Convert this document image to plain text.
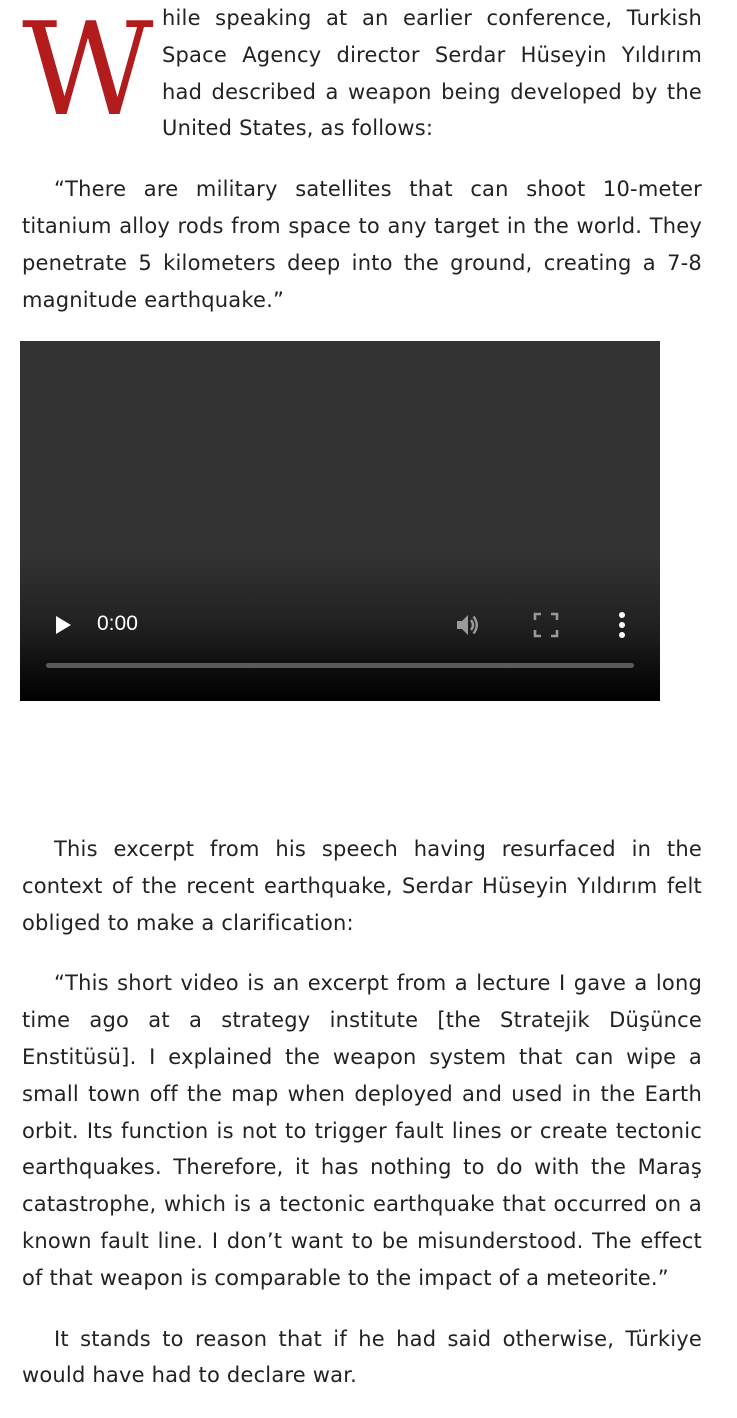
While speaking at an earlier conference, Turkish Space Agency director Serdar Hüseyin Yıldırım had described a weapon being developed by the United States, as follows:

“There are military satellites that can shoot 10-meter titanium alloy rods from space to any target in the world. They penetrate 5 kilometers deep into the ground, creating a 7-8 magnitude earthquake.”

0:00

This excerpt from his speech having resurfaced in the context of the recent earthquake, Serdar Hüseyin Yıldırım felt obliged to make a clarification:

“This short video is an excerpt from a lecture I gave a long time ago at a strategy institute [the Stratejik Düşünce Enstitüsü]. I explained the weapon system that can wipe a small town off the map when deployed and used in the Earth orbit. Its function is not to trigger fault lines or create tectonic earthquakes. Therefore, it has nothing to do with the Maraş catastrophe, which is a tectonic earthquake that occurred on a known fault line. I don’t want to be misunderstood. The effect of that weapon is comparable to the impact of a meteorite.”

It stands to reason that if he had said otherwise, Türkiye would have had to declare war.
